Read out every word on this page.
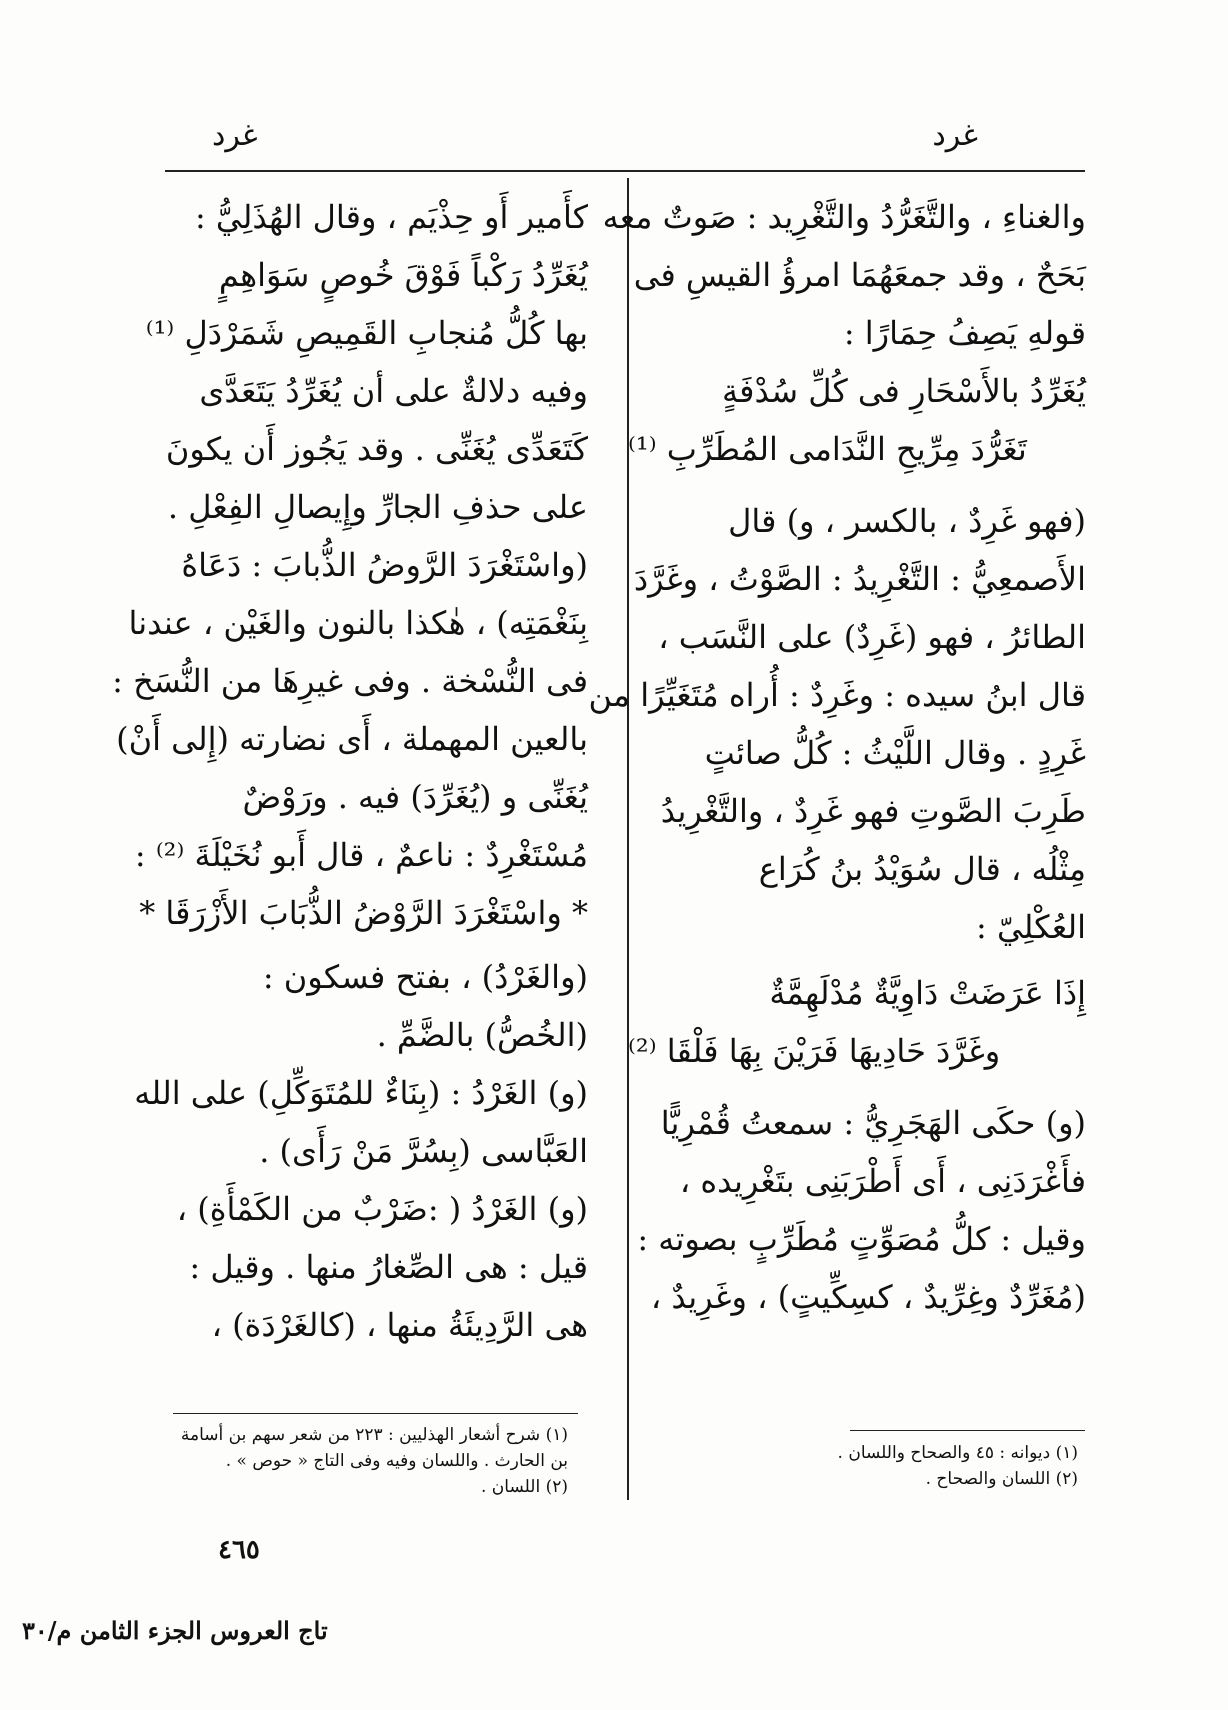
غرد
غرد
والغناءِ ، والتَّغَرُّدُ والتَّغْرِيد : صَوتٌ معه
بَحَحٌ ، وقد جمعَهُمَا امرؤُ القيسِ فى
قولهِ يَصِفُ حِمَارًا :
يُغَرِّدُ بالأَسْحَارِ فى كُلِّ سُدْفَةٍ
تَغَرُّدَ مِرِّيحِ النَّدَامى المُطَرِّبِ ⁽¹⁾
(فهو غَرِدٌ ، بالكسر ، و) قال
الأَصمعِيُّ : التَّغْرِيدُ : الصَّوْتُ ، وغَرَّدَ
الطائرُ ، فهو (غَرِدٌ) على النَّسَب ،
قال ابنُ سيده : وغَرِدٌ : أُراه مُتَغَيِّرًا من
غَرِدٍ . وقال اللَّيْثُ : كُلُّ صائتٍ
طَرِبَ الصَّوتِ فهو غَرِدٌ ، والتَّغْرِيدُ
مِثْلُه ، قال سُوَيْدُ بنُ كُرَاع
العُكْلِيّ :
إِذَا عَرَضَتْ دَاوِيَّةٌ مُدْلَهِمَّةٌ
وغَرَّدَ حَادِيهَا فَرَيْنَ بِهَا فَلْقَا ⁽²⁾
(و) حكَى الهَجَرِيُّ : سمعتُ قُمْرِيًّا
فأَغْرَدَنِى ، أَى أَطْرَبَنِى بتَغْرِيده ،
وقيل : كلُّ مُصَوِّتٍ مُطَرِّبٍ بصوته :
(مُغَرِّدٌ وغِرِّيدٌ ، كسِكِّيتٍ) ، وغَرِيدٌ ،
كأَمير أَو حِذْيَم ، وقال الهُذَلِيُّ :
يُغَرِّدُ رَكْباً فَوْقَ خُوصٍ سَوَاهِمٍ
بها كُلُّ مُنجابِ القَمِيصِ شَمَرْدَلِ ⁽¹⁾
وفيه دلالةٌ على أن يُغَرِّدُ يَتَعَدَّى
كَتَعَدِّى يُغَنِّى . وقد يَجُوز أَن يكونَ
على حذفِ الجارِّ وإِيصالِ الفِعْلِ .
(واسْتَغْرَدَ الرَّوضُ الذُّبابَ : دَعَاهُ
بِنَغْمَتِه) ، هٰكذا بالنون والغَيْن ، عندنا
فى النُّسْخة . وفى غيرِهَا من النُّسَخ :
بالعين المهملة ، أَى نضارته (إِلى أَنْ)
يُغَنِّى و (يُغَرِّدَ) فيه . ورَوْضٌ
مُسْتَغْرِدٌ : ناعمٌ ، قال أَبو نُخَيْلَةَ ⁽²⁾ :
* واسْتَغْرَدَ الرَّوْضُ الذُّبَابَ الأَزْرَقَا *
(والغَرْدُ) ، بفتح فسكون :
(الخُصُّ) بالضَّمِّ .
(و) الغَرْدُ : (بِنَاءٌ للمُتَوَكِّلِ) على الله
العَبَّاسى (بِسُرَّ مَنْ رَأَى) .
(و) الغَرْدُ ( :ضَرْبٌ من الكَمْأَةِ) ،
قيل : هى الصِّغارُ منها . وقيل :
هى الرَّدِيئَةُ منها ، (كالغَرْدَة) ،
(١) ديوانه : ٤٥ والصحاح واللسان .
(٢) اللسان والصحاح .
(١) شرح أشعار الهذليين : ٢٢٣ من شعر سهم بن أسامة
بن الحارث . واللسان وفيه وفى التاج « حوص » .
(٢) اللسان .
٤٦٥
تاج العروس الجزء الثامن م/٣٠
